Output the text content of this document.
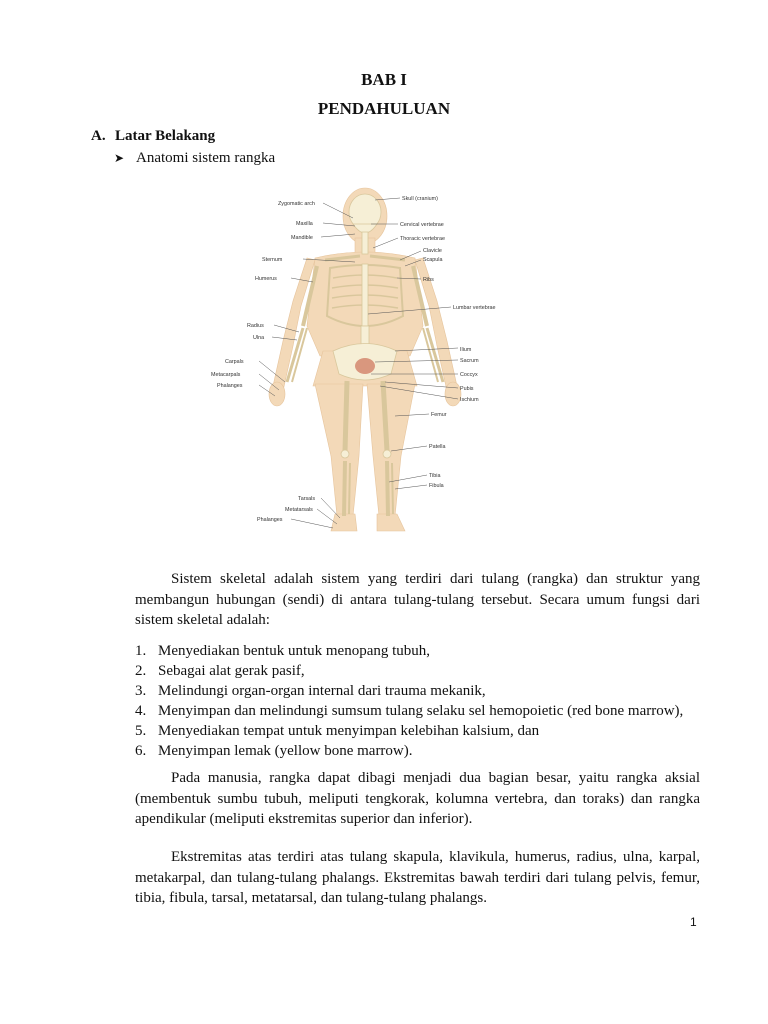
BAB I
PENDAHULUAN
A. Latar Belakang
➤ Anatomi sistem rangka
Skull (cranium)
Zygomatic arch
Maxilla
Mandible
Cervical vertebrae
Thoracic vertebrae
Clavicle
Scapula
Sternum
Ribs
Humerus
Lumbar vertebrae
Radius
Ulna
Ilium
Sacrum
Carpals
Coccyx
Metacarpals
Pubis
Phalanges
Ischium
Femur
Patella
Tibia
Fibula
Tarsals
Metatarsals
Phalanges

Sistem skeletal adalah sistem yang terdiri dari tulang (rangka) dan struktur yang membangun hubungan (sendi) di antara tulang-tulang tersebut. Secara umum fungsi dari sistem skeletal adalah:

1. Menyediakan bentuk untuk menopang tubuh,
2. Sebagai alat gerak pasif,
3. Melindungi organ-organ internal dari trauma mekanik,
4. Menyimpan dan melindungi sumsum tulang selaku sel hemopoietic (red bone marrow),
5. Menyediakan tempat untuk menyimpan kelebihan kalsium, dan
6. Menyimpan lemak (yellow bone marrow).

Pada manusia, rangka dapat dibagi menjadi dua bagian besar, yaitu rangka aksial (membentuk sumbu tubuh, meliputi tengkorak, kolumna vertebra, dan toraks) dan rangka apendikular (meliputi ekstremitas superior dan inferior).

Ekstremitas atas terdiri atas tulang skapula, klavikula, humerus, radius, ulna, karpal, metakarpal, dan tulang-tulang phalangs. Ekstremitas bawah terdiri dari tulang pelvis, femur, tibia, fibula, tarsal, metatarsal, dan tulang-tulang phalangs.

1
